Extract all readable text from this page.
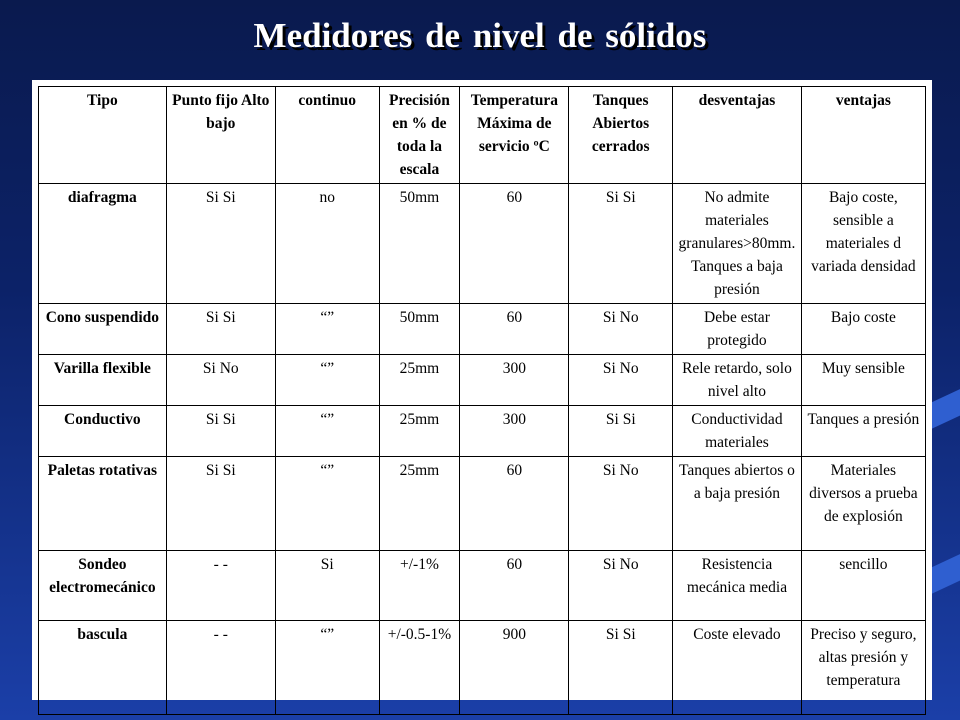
Medidores de nivel de sólidos
Tipo	Punto fijo Alto bajo	continuo	Precisión en % de toda la escala	Temperatura Máxima de servicio ºC	Tanques Abiertos cerrados	desventajas	ventajas
diafragma	Si Si	no	50mm	60	Si Si	No admite materiales granulares>80mm. Tanques a baja presión	Bajo coste, sensible a materiales d variada densidad
Cono suspendido	Si Si	“”	50mm	60	Si No	Debe estar protegido	Bajo coste
Varilla flexible	Si No	“”	25mm	300	Si No	Rele retardo, solo nivel alto	Muy sensible
Conductivo	Si Si	“”	25mm	300	Si Si	Conductividad materiales	Tanques a presión
Paletas rotativas	Si Si	“”	25mm	60	Si No	Tanques abiertos o a baja presión	Materiales diversos a prueba de explosión
Sondeo electromecánico	- -	Si	+/-1%	60	Si No	Resistencia mecánica media	sencillo
bascula	- -	“”	+/-0.5-1%	900	Si Si	Coste elevado	Preciso y seguro, altas presión y temperatura
